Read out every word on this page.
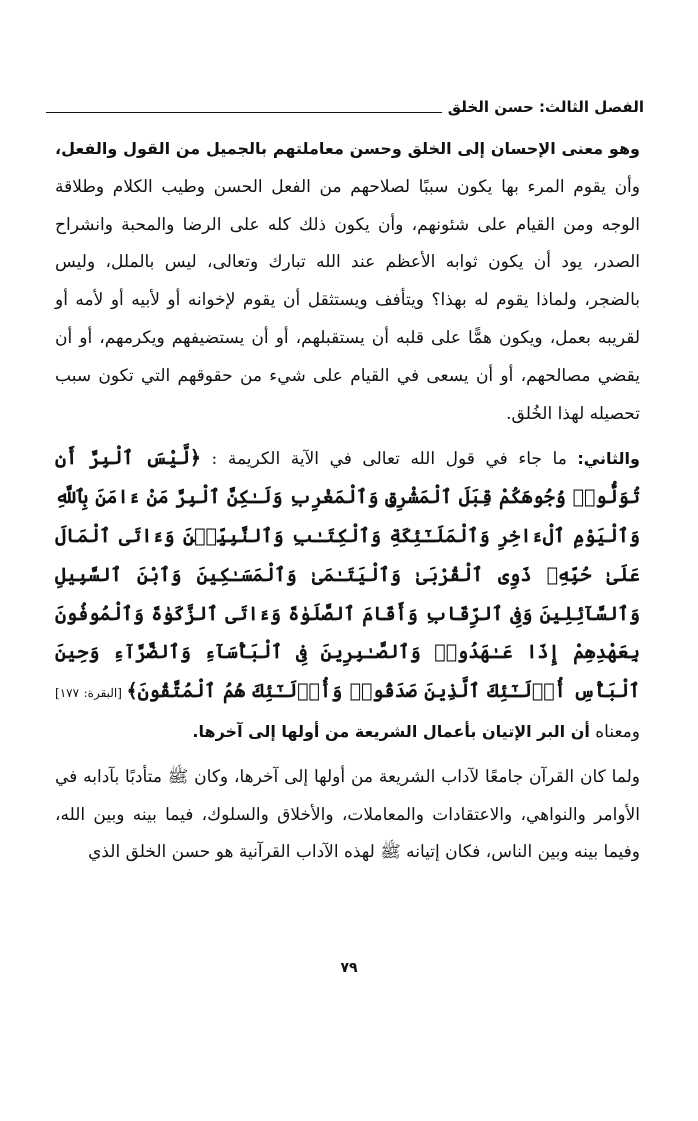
الفصل الثالث: حسن الخلق

وهو معنى الإحسان إلى الخلق وحسن معاملتهم بالجميل من القول والفعل، وأن يقوم المرء بها يكون سببًا لصلاحهم من الفعل الحسن وطيب الكلام وطلاقة الوجه ومن القيام على شئونهم، وأن يكون ذلك كله على الرضا والمحبة وانشراح الصدر، يود أن يكون ثوابه الأعظم عند الله تبارك وتعالى، ليس بالملل، وليس بالضجر، ولماذا يقوم له بهذا؟ ويتأفف ويستثقل أن يقوم لإخوانه أو لأبيه أو لأمه أو لقريبه بعمل، ويكون همًّا على قلبه أن يستقبلهم، أو أن يستضيفهم ويكرمهم، أو أن يقضي مصالحهم، أو أن يسعى في القيام على شيء من حقوقهم التي تكون سبب تحصيله لهذا الخُلق.

والثاني: ما جاء في قول الله تعالى في الآية الكريمة : ﴿لَّيْسَ ٱلْبِرَّ أَن تُوَلُّوا۟ وُجُوهَكُمْ قِبَلَ ٱلْمَشْرِقِ وَٱلْمَغْرِبِ وَلَـٰكِنَّ ٱلْبِرَّ مَنْ ءَامَنَ بِٱللَّهِ وَٱلْيَوْمِ ٱلْءَاخِرِ وَٱلْمَلَـٰٓئِكَةِ وَٱلْكِتَـٰبِ وَٱلنَّبِيِّـۧنَ وَءَاتَى ٱلْمَالَ عَلَىٰ حُبِّهِۦ ذَوِى ٱلْقُرْبَىٰ وَٱلْيَتَـٰمَىٰ وَٱلْمَسَـٰكِينَ وَٱبْنَ ٱلسَّبِيلِ وَٱلسَّآئِلِينَ وَفِى ٱلرِّقَابِ وَأَقَامَ ٱلصَّلَوٰةَ وَءَاتَى ٱلزَّكَوٰةَ وَٱلْمُوفُونَ بِعَهْدِهِمْ إِذَا عَـٰهَدُوا۟ وَٱلصَّـٰبِرِينَ فِى ٱلْبَأْسَآءِ وَٱلضَّرَّآءِ وَحِينَ ٱلْبَأْسِ أُو۟لَـٰٓئِكَ ٱلَّذِينَ صَدَقُوا۟ وَأُو۟لَـٰٓئِكَ هُمُ ٱلْمُتَّقُونَ﴾ [البقرة: ١٧٧] ومعناه أن البر الإتيان بأعمال الشريعة من أولها إلى آخرها.

ولما كان القرآن جامعًا لآداب الشريعة من أولها إلى آخرها، وكان ﷺ متأدبًا بآدابه في الأوامر والنواهي، والاعتقادات والمعاملات، والأخلاق والسلوك، فيما بينه وبين الله، وفيما بينه وبين الناس، فكان إتيانه ﷺ لهذه الآداب القرآنية هو حسن الخلق الذي

٧٩
